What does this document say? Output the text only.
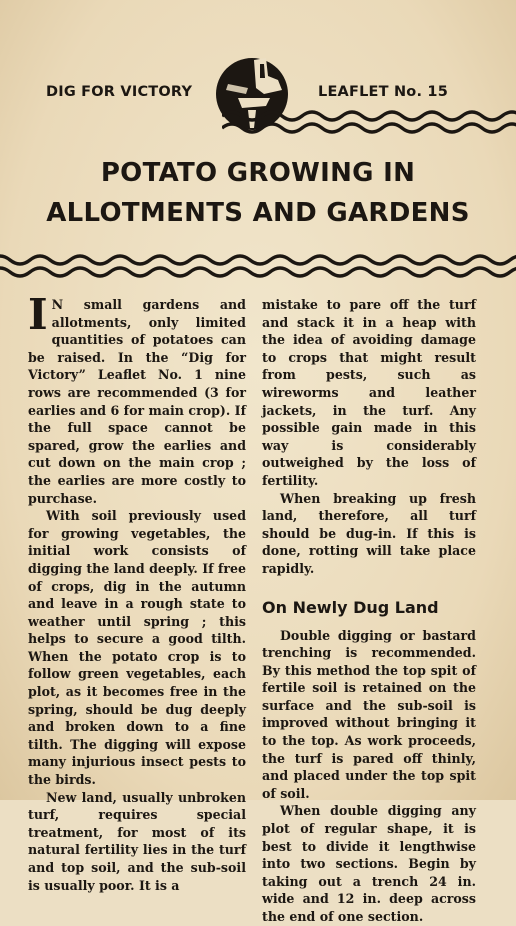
DIG FOR VICTORY	LEAFLET No. 15
POTATO GROWING IN
ALLOTMENTS AND GARDENS

I N small gardens and allotments, only limited quantities of potatoes can be raised. In the “Dig for Victory” Leaflet No. 1 nine rows are recommended (3 for earlies and 6 for main crop). If the full space cannot be spared, grow the earlies and cut down on the main crop ; the earlies are more costly to purchase.

With soil previously used for growing vegetables, the initial work consists of digging the land deeply. If free of crops, dig in the autumn and leave in a rough state to weather until spring ; this helps to secure a good tilth. When the potato crop is to follow green vegetables, each plot, as it becomes free in the spring, should be dug deeply and broken down to a fine tilth. The digging will expose many injurious insect pests to the birds.

New land, usually unbroken turf, requires special treatment, for most of its natural fertility lies in the turf and top soil, and the sub-soil is usually poor. It is a

mistake to pare off the turf and stack it in a heap with the idea of avoiding damage to crops that might result from pests, such as wireworms and leather jackets, in the turf. Any possible gain made in this way is considerably outweighed by the loss of fertility.

When breaking up fresh land, therefore, all turf should be dug-in. If this is done, rotting will take place rapidly.

On Newly Dug Land

Double digging or bastard trenching is recommended. By this method the top spit of fertile soil is retained on the surface and the sub-soil is improved without bringing it to the top. As work proceeds, the turf is pared off thinly, and placed under the top spit of soil.

When double digging any plot of regular shape, it is best to divide it lengthwise into two sections. Begin by taking out a trench 24 in. wide and 12 in. deep across the end of one section.
